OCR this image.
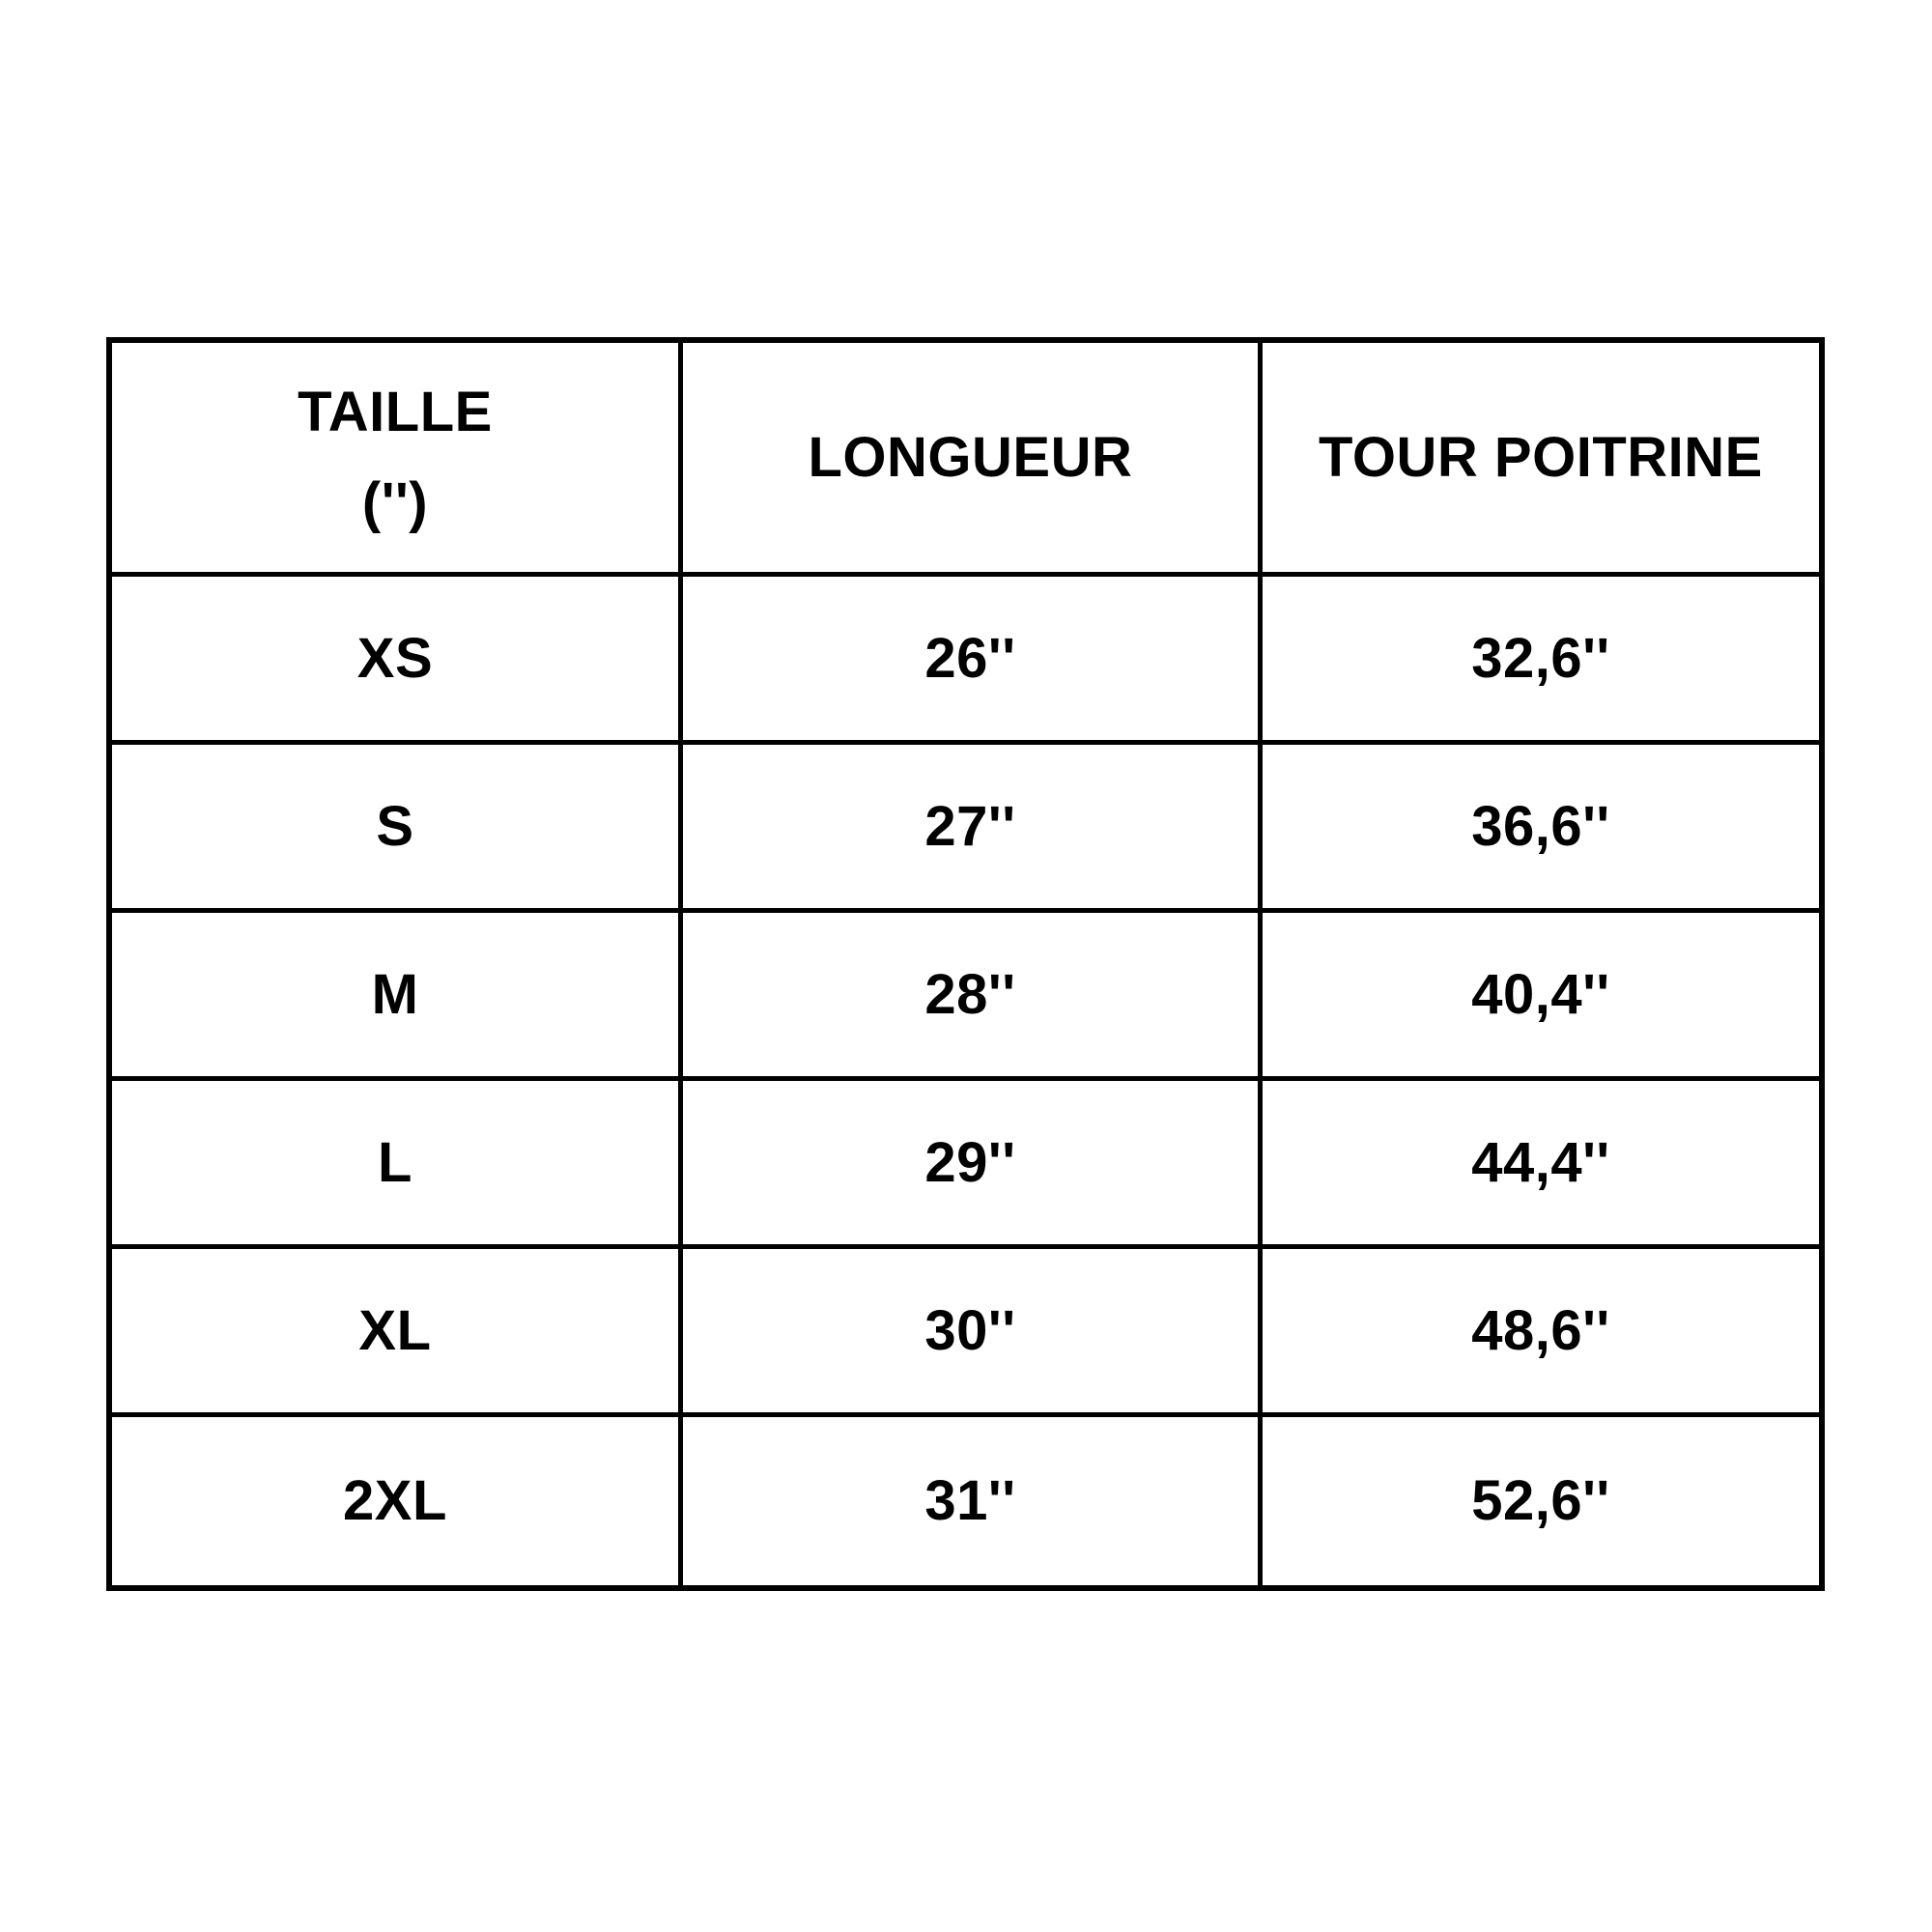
TAILLE
('')
LONGUEUR	TOUR POITRINE
XS	26''	32,6''
S	27''	36,6''
M	28''	40,4''
L	29''	44,4''
XL	30''	48,6''
2XL	31''	52,6''
